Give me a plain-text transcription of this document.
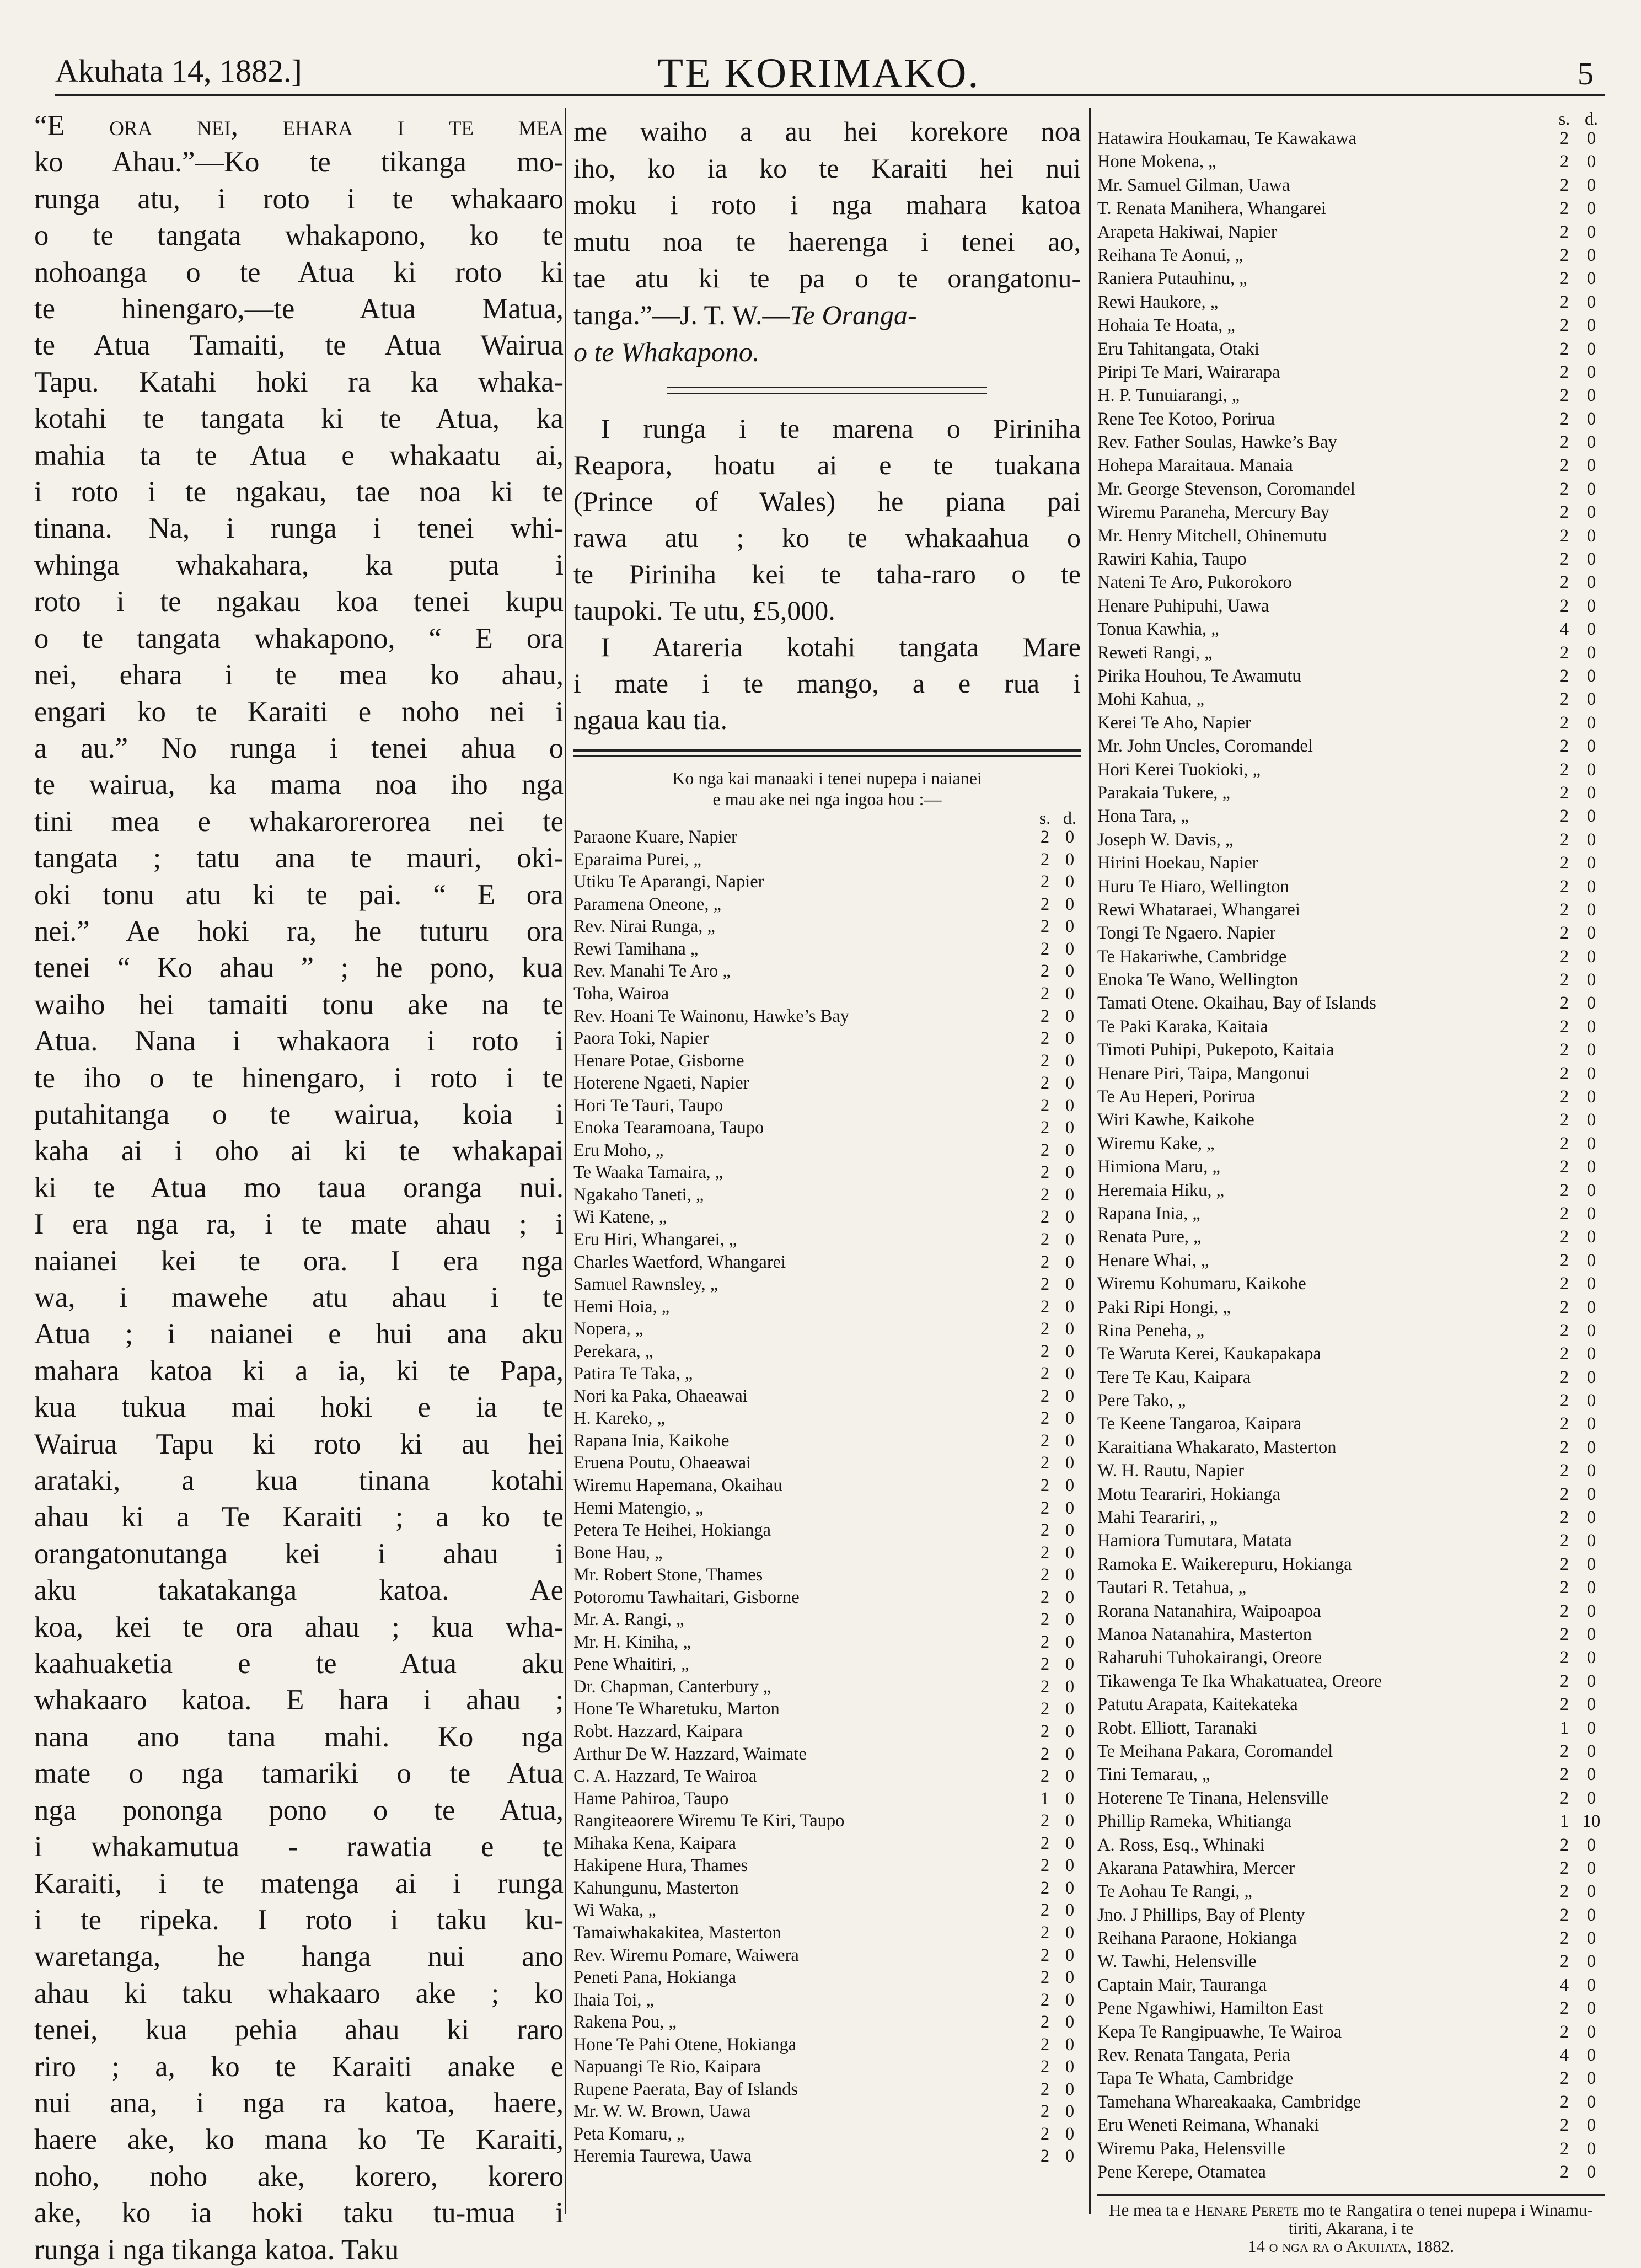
Akuhata 14, 1882.]	TE KORIMAKO.	5
“E ora nei, ehara i te mea
ko Ahau.”—Ko te tikanga mo-
runga atu, i roto i te whakaaro
o te tangata whakapono, ko te
nohoanga o te Atua ki roto ki
te hinengaro,—te Atua Matua,
te Atua Tamaiti, te Atua Wairua
Tapu. Katahi hoki ra ka whaka-
kotahi te tangata ki te Atua, ka
mahia ta te Atua e whakaatu ai,
i roto i te ngakau, tae noa ki te
tinana. Na, i runga i tenei whi-
whinga whakahara, ka puta i
roto i te ngakau koa tenei kupu
o te tangata whakapono, “ E ora
nei, ehara i te mea ko ahau,
engari ko te Karaiti e noho nei i
a au.” No runga i tenei ahua o
te wairua, ka mama noa iho nga
tini mea e whakarorerorea nei te
tangata ; tatu ana te mauri, oki-
oki tonu atu ki te pai. “ E ora
nei.” Ae hoki ra, he tuturu ora
tenei “ Ko ahau ” ; he pono, kua
waiho hei tamaiti tonu ake na te
Atua. Nana i whakaora i roto i
te iho o te hinengaro, i roto i te
putahitanga o te wairua, koia i
kaha ai i oho ai ki te whakapai
ki te Atua mo taua oranga nui.
I era nga ra, i te mate ahau ; i
naianei kei te ora. I era nga
wa, i mawehe atu ahau i te
Atua ; i naianei e hui ana aku
mahara katoa ki a ia, ki te Papa,
kua tukua mai hoki e ia te
Wairua Tapu ki roto ki au hei
arataki, a kua tinana kotahi
ahau ki a Te Karaiti ; a ko te
orangatonutanga kei i ahau i
aku takatakanga katoa. Ae
koa, kei te ora ahau ; kua wha-
kaahuaketia e te Atua aku
whakaaro katoa. E hara i ahau ;
nana ano tana mahi. Ko nga
mate o nga tamariki o te Atua
nga pononga pono o te Atua,
i whakamutua - rawatia e te
Karaiti, i te matenga ai i runga
i te ripeka. I roto i taku ku-
waretanga, he hanga nui ano
ahau ki taku whakaaro ake ; ko
tenei, kua pehia ahau ki raro
riro ; a, ko te Karaiti anake e
nui ana, i nga ra katoa, haere,
haere ake, ko mana ko Te Karaiti,
noho, noho ake, korero, korero
ake, ko ia hoki taku tu-mua i
runga i nga tikanga katoa. Taku
me waiho a au hei korekore noa
iho, ko ia ko te Karaiti hei nui
moku i roto i nga mahara katoa
mutu noa te haerenga i tenei ao,
tae atu ki te pa o te orangatonu-
tanga.”—J. T. W.—Te Oranga-
o te Whakapono.
I runga i te marena o Piriniha
Reapora, hoatu ai e te tuakana
(Prince of Wales) he piana pai
rawa atu ; ko te whakaahua o
te Piriniha kei te taha-raro o te
taupoki. Te utu, £5,000.
I Atareria kotahi tangata Mare
i mate i te mango, a e rua i
ngaua kau tia.
Ko nga kai manaaki i tenei nupepa i naianei
e mau ake nei nga ingoa hou :—
s. d.
Paraone Kuare, Napier	2 0
Eparaima Purei, „	2 0
Utiku Te Aparangi, Napier	2 0
Paramena Oneone, „	2 0
Rev. Nirai Runga, „	2 0
Rewi Tamihana „	2 0
Rev. Manahi Te Aro „	2 0
Toha, Wairoa	2 0
Rev. Hoani Te Wainonu, Hawke’s Bay	2 0
Paora Toki, Napier	2 0
Henare Potae, Gisborne	2 0
Hoterene Ngaeti, Napier	2 0
Hori Te Tauri, Taupo	2 0
Enoka Tearamoana, Taupo	2 0
Eru Moho, „	2 0
Te Waaka Tamaira, „	2 0
Ngakaho Taneti, „	2 0
Wi Katene, „	2 0
Eru Hiri, Whangarei, „	2 0
Charles Waetford, Whangarei	2 0
Samuel Rawnsley, „	2 0
Hemi Hoia, „	2 0
Nopera, „	2 0
Perekara, „	2 0
Patira Te Taka, „	2 0
Nori ka Paka, Ohaeawai	2 0
H. Kareko, „	2 0
Rapana Inia, Kaikohe	2 0
Eruena Poutu, Ohaeawai	2 0
Wiremu Hapemana, Okaihau	2 0
Hemi Matengio, „	2 0
Petera Te Heihei, Hokianga	2 0
Bone Hau, „	2 0
Mr. Robert Stone, Thames	2 0
Potoromu Tawhaitari, Gisborne	2 0
Mr. A. Rangi, „	2 0
Mr. H. Kiniha, „	2 0
Pene Whaitiri, „	2 0
Dr. Chapman, Canterbury „	2 0
Hone Te Wharetuku, Marton	2 0
Robt. Hazzard, Kaipara	2 0
Arthur De W. Hazzard, Waimate	2 0
C. A. Hazzard, Te Wairoa	2 0
Hame Pahiroa, Taupo	1 0
Rangiteaorere Wiremu Te Kiri, Taupo	2 0
Mihaka Kena, Kaipara	2 0
Hakipene Hura, Thames	2 0
Kahungunu, Masterton	2 0
Wi Waka, „	2 0
Tamaiwhakakitea, Masterton	2 0
Rev. Wiremu Pomare, Waiwera	2 0
Peneti Pana, Hokianga	2 0
Ihaia Toi, „	2 0
Rakena Pou, „	2 0
Hone Te Pahi Otene, Hokianga	2 0
Napuangi Te Rio, Kaipara	2 0
Rupene Paerata, Bay of Islands	2 0
Mr. W. W. Brown, Uawa	2 0
Peta Komaru, „	2 0
Heremia Taurewa, Uawa	2 0
s. d.
Hatawira Houkamau, Te Kawakawa	2	0
Hone Mokena, „	2	0
Mr. Samuel Gilman, Uawa	2	0
T. Renata Manihera, Whangarei	2	0
Arapeta Hakiwai, Napier	2	0
Reihana Te Aonui, „	2	0
Raniera Putauhinu, „	2	0
Rewi Haukore, „	2	0
Hohaia Te Hoata, „	2	0
Eru Tahitangata, Otaki	2	0
Piripi Te Mari, Wairarapa	2	0
H. P. Tunuiarangi, „	2	0
Rene Tee Kotoo, Porirua	2	0
Rev. Father Soulas, Hawke’s Bay	2	0
Hohepa Maraitaua. Manaia	2	0
Mr. George Stevenson, Coromandel	2	0
Wiremu Paraneha, Mercury Bay	2	0
Mr. Henry Mitchell, Ohinemutu	2	0
Rawiri Kahia, Taupo	2	0
Nateni Te Aro, Pukorokoro	2	0
Henare Puhipuhi, Uawa	2	0
Tonua Kawhia, „	4	0
Reweti Rangi, „	2	0
Pirika Houhou, Te Awamutu	2	0
Mohi Kahua, „	2	0
Kerei Te Aho, Napier	2	0
Mr. John Uncles, Coromandel	2	0
Hori Kerei Tuokioki, „	2	0
Parakaia Tukere, „	2	0
Hona Tara, „	2	0
Joseph W. Davis, „	2	0
Hirini Hoekau, Napier	2	0
Huru Te Hiaro, Wellington	2	0
Rewi Whataraei, Whangarei	2	0
Tongi Te Ngaero. Napier	2	0
Te Hakariwhe, Cambridge	2	0
Enoka Te Wano, Wellington	2	0
Tamati Otene. Okaihau, Bay of Islands	2	0
Te Paki Karaka, Kaitaia	2	0
Timoti Puhipi, Pukepoto, Kaitaia	2	0
Henare Piri, Taipa, Mangonui	2	0
Te Au Heperi, Porirua	2	0
Wiri Kawhe, Kaikohe	2	0
Wiremu Kake, „	2	0
Himiona Maru, „	2	0
Heremaia Hiku, „	2	0
Rapana Inia, „	2	0
Renata Pure, „	2	0
Henare Whai, „	2	0
Wiremu Kohumaru, Kaikohe	2	0
Paki Ripi Hongi, „	2	0
Rina Peneha, „	2	0
Te Waruta Kerei, Kaukapakapa	2	0
Tere Te Kau, Kaipara	2	0
Pere Tako, „	2	0
Te Keene Tangaroa, Kaipara	2	0
Karaitiana Whakarato, Masterton	2	0
W. H. Rautu, Napier	2	0
Motu Tearariri, Hokianga	2	0
Mahi Tearariri, „	2	0
Hamiora Tumutara, Matata	2	0
Ramoka E. Waikerepuru, Hokianga	2	0
Tautari R. Tetahua, „	2	0
Rorana Natanahira, Waipoapoa	2	0
Manoa Natanahira, Masterton	2	0
Raharuhi Tuhokairangi, Oreore	2	0
Tikawenga Te Ika Whakatuatea, Oreore	2	0
Patutu Arapata, Kaitekateka	2	0
Robt. Elliott, Taranaki	1	0
Te Meihana Pakara, Coromandel	2	0
Tini Temarau, „	2	0
Hoterene Te Tinana, Helensville	2	0
Phillip Rameka, Whitianga	1 10
A. Ross, Esq., Whinaki	2	0
Akarana Patawhira, Mercer	2	0
Te Aohau Te Rangi, „	2	0
Jno. J Phillips, Bay of Plenty	2	0
Reihana Paraone, Hokianga	2	0
W. Tawhi, Helensville	2	0
Captain Mair, Tauranga	4	0
Pene Ngawhiwi, Hamilton East	2	0
Kepa Te Rangipuawhe, Te Wairoa	2	0
Rev. Renata Tangata, Peria	4	0
Tapa Te Whata, Cambridge	2	0
Tamehana Whareakaaka, Cambridge	2	0
Eru Weneti Reimana, Whanaki	2	0
Wiremu Paka, Helensville	2	0
Pene Kerepe, Otamatea	2	0
He mea ta e Henare Perete mo te Rangatira o tenei nupepa i Winamu-tiriti, Akarana, i te
14 o nga ra o Akuhata, 1882.
